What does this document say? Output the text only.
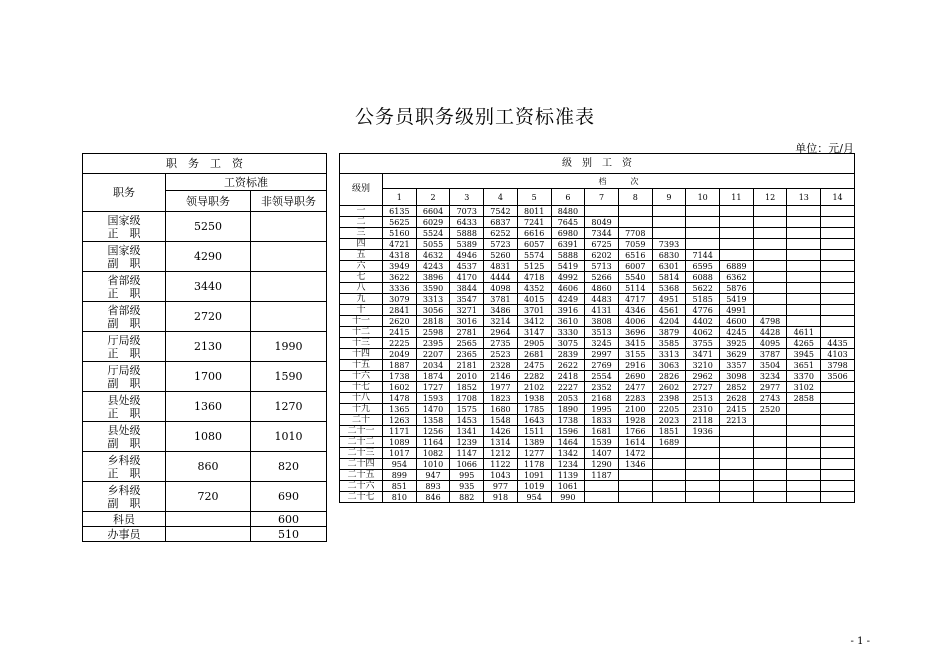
公务员职务级别工资标准表
单位：元/月
职　务　工　资		
职务	工资标准	
	领导职务	非领导职务
国家级
正　职	5250	
国家级
副　职	4290	
省部级
正　职	3440	
省部级
副　职	2720	
厅局级
正　职	2130	1990
厅局级
副　职	1700	1590
县处级
正　职	1360	1270
县处级
副　职	1080	1010
乡科级
正　职	860	820
乡科级
副　职	720	690
科员		600
办事员		510
级　别　工　资														
级别	档　　　次													
	1	2	3	4	5	6	7	8	9	10	11	12	13	14
一	6135	6604	7073	7542	8011	8480								
二	5625	6029	6433	6837	7241	7645	8049							
三	5160	5524	5888	6252	6616	6980	7344	7708						
四	4721	5055	5389	5723	6057	6391	6725	7059	7393					
五	4318	4632	4946	5260	5574	5888	6202	6516	6830	7144				
六	3949	4243	4537	4831	5125	5419	5713	6007	6301	6595	6889			
七	3622	3896	4170	4444	4718	4992	5266	5540	5814	6088	6362			
八	3336	3590	3844	4098	4352	4606	4860	5114	5368	5622	5876			
九	3079	3313	3547	3781	4015	4249	4483	4717	4951	5185	5419			
十	2841	3056	3271	3486	3701	3916	4131	4346	4561	4776	4991			
十一	2620	2818	3016	3214	3412	3610	3808	4006	4204	4402	4600	4798		
十二	2415	2598	2781	2964	3147	3330	3513	3696	3879	4062	4245	4428	4611	
十三	2225	2395	2565	2735	2905	3075	3245	3415	3585	3755	3925	4095	4265	4435
十四	2049	2207	2365	2523	2681	2839	2997	3155	3313	3471	3629	3787	3945	4103
十五	1887	2034	2181	2328	2475	2622	2769	2916	3063	3210	3357	3504	3651	3798
十六	1738	1874	2010	2146	2282	2418	2554	2690	2826	2962	3098	3234	3370	3506
十七	1602	1727	1852	1977	2102	2227	2352	2477	2602	2727	2852	2977	3102	
十八	1478	1593	1708	1823	1938	2053	2168	2283	2398	2513	2628	2743	2858	
十九	1365	1470	1575	1680	1785	1890	1995	2100	2205	2310	2415	2520		
二十	1263	1358	1453	1548	1643	1738	1833	1928	2023	2118	2213			
二十一	1171	1256	1341	1426	1511	1596	1681	1766	1851	1936				
二十二	1089	1164	1239	1314	1389	1464	1539	1614	1689					
二十三	1017	1082	1147	1212	1277	1342	1407	1472						
二十四	954	1010	1066	1122	1178	1234	1290	1346						
二十五	899	947	995	1043	1091	1139	1187							
二十六	851	893	935	977	1019	1061								
二十七	810	846	882	918	954	990								
- 1 -
